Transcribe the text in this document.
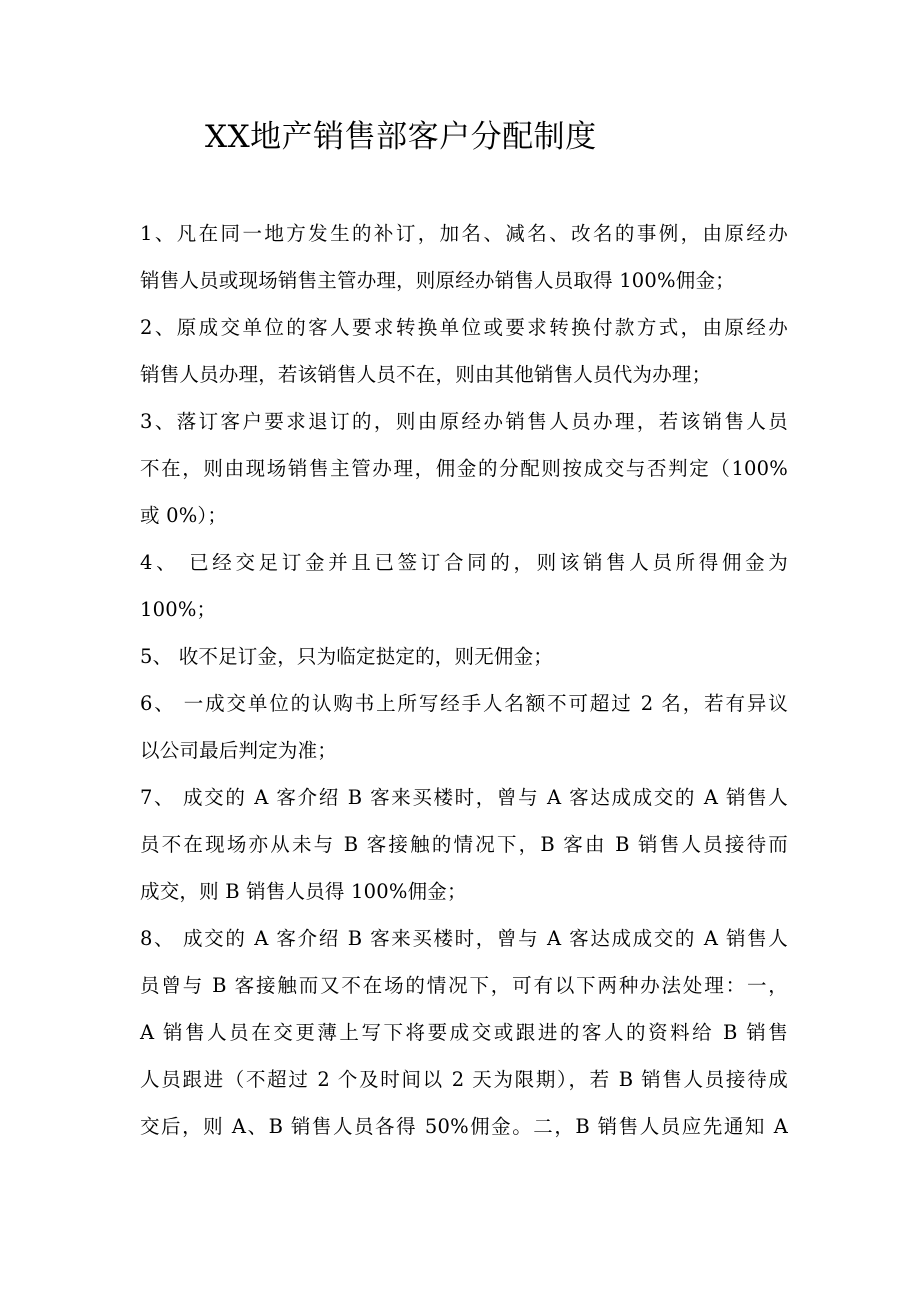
XX地产销售部客户分配制度
1、凡在同一地方发生的补订，加名、减名、改名的事例，由原经办
销售人员或现场销售主管办理，则原经办销售人员取得 100%佣金；
2、原成交单位的客人要求转换单位或要求转换付款方式，由原经办
销售人员办理，若该销售人员不在，则由其他销售人员代为办理；
3、落订客户要求退订的，则由原经办销售人员办理，若该销售人员
不在，则由现场销售主管办理，佣金的分配则按成交与否判定（100%
或 0%）；
4、 已经交足订金并且已签订合同的，则该销售人员所得佣金为
100%；
5、 收不足订金，只为临定挞定的，则无佣金；
6、 一成交单位的认购书上所写经手人名额不可超过 2 名，若有异议
以公司最后判定为准；
7、 成交的 A 客介绍 B 客来买楼时，曾与 A 客达成成交的 A 销售人
员不在现场亦从未与 B 客接触的情况下，B 客由 B 销售人员接待而
成交，则 B 销售人员得 100%佣金；
8、 成交的 A 客介绍 B 客来买楼时，曾与 A 客达成成交的 A 销售人
员曾与 B 客接触而又不在场的情况下，可有以下两种办法处理：一，
A 销售人员在交更薄上写下将要成交或跟进的客人的资料给 B 销售
人员跟进（不超过 2 个及时间以 2 天为限期），若 B 销售人员接待成
交后，则 A、B 销售人员各得 50%佣金。二，B 销售人员应先通知 A
